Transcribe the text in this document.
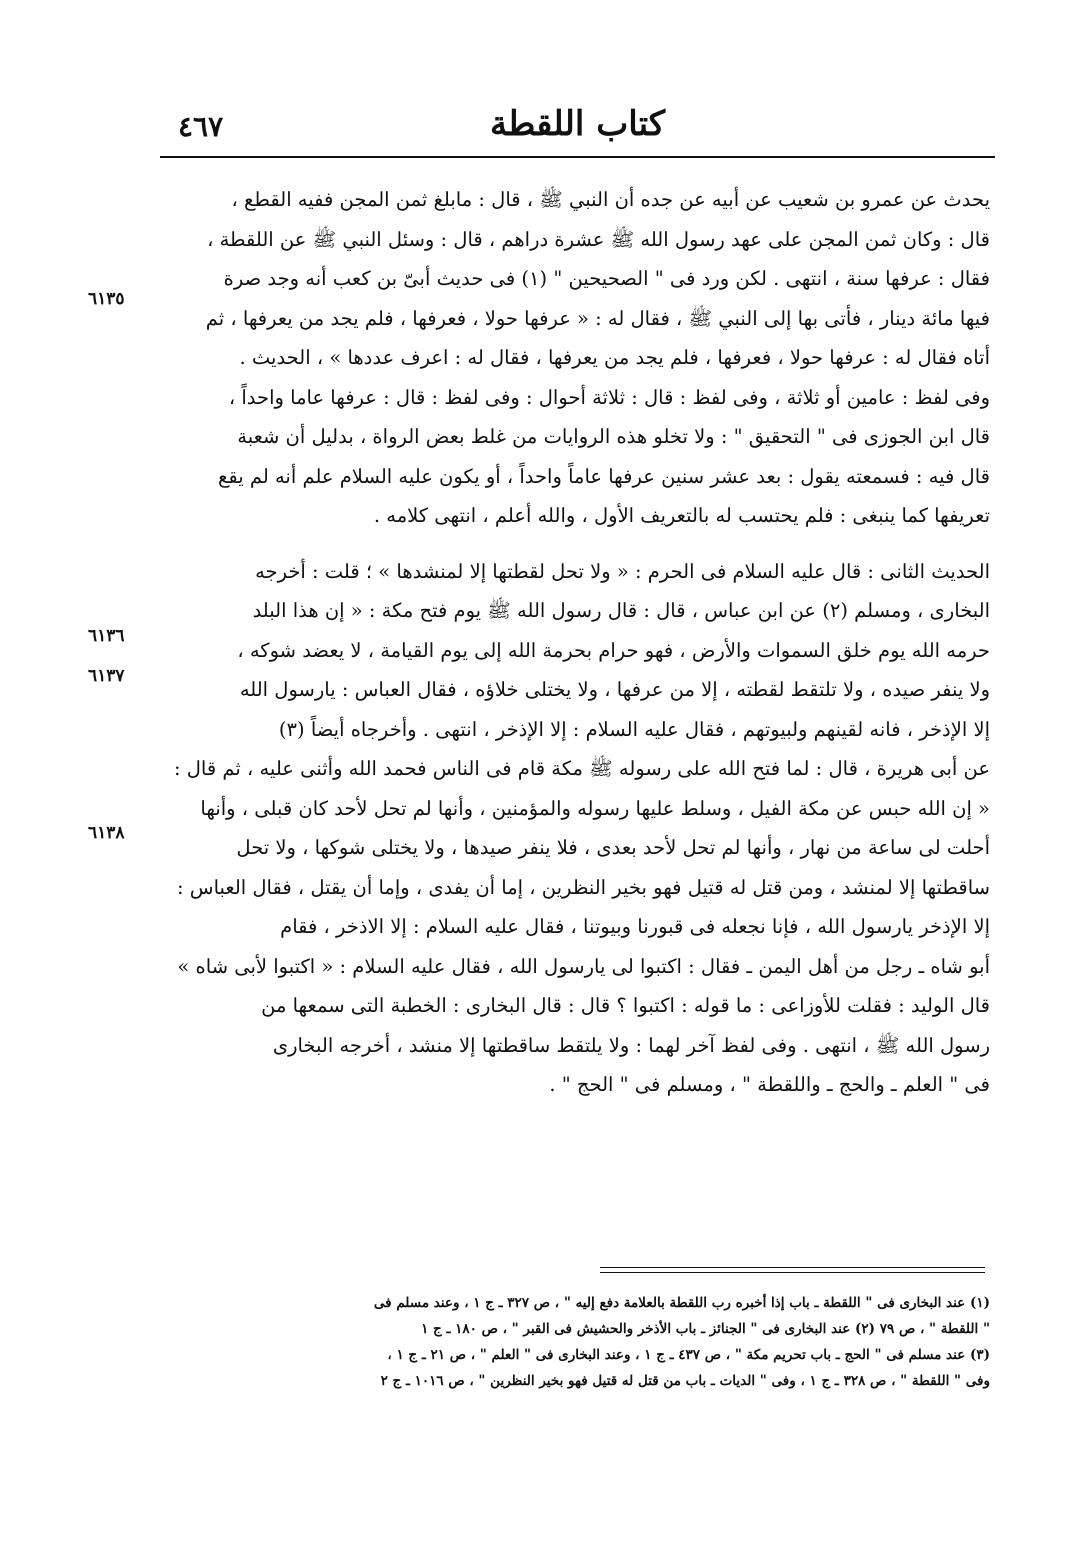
كتاب اللقطة
٤٦٧
يحدث عن عمرو بن شعيب عن أبيه عن جده أن النبي ﷺ ، قال : مابلغ ثمن المجن ففيه القطع ،
قال : وكان ثمن المجن على عهد رسول الله ﷺ عشرة دراهم ، قال : وسئل النبي ﷺ عن اللقطة ،
فقال : عرفها سنة ، انتهى . لكن ورد فى " الصحيحين " (١) فى حديث أبىّ بن كعب أنه وجد صرة
فيها مائة دينار ، فأتى بها إلى النبي ﷺ ، فقال له : « عرفها حولا ، فعرفها ، فلم يجد من يعرفها ، ثم
أتاه فقال له : عرفها حولا ، فعرفها ، فلم يجد من يعرفها ، فقال له : اعرف عددها » ، الحديث .
وفى لفظ : عامين أو ثلاثة ، وفى لفظ : قال : ثلاثة أحوال : وفى لفظ : قال : عرفها عاما واحداً ،
قال ابن الجوزى فى " التحقيق " : ولا تخلو هذه الروايات من غلط بعض الرواة ، بدليل أن شعبة
قال فيه : فسمعته يقول : بعد عشر سنين عرفها عاماً واحداً ، أو يكون عليه السلام علم أنه لم يقع
تعريفها كما ينبغى : فلم يحتسب له بالتعريف الأول ، والله أعلم ، انتهى كلامه .
الحديث الثانى : قال عليه السلام فى الحرم : « ولا تحل لقطتها إلا لمنشدها » ؛ قلت : أخرجه
البخارى ، ومسلم (٢) عن ابن عباس ، قال : قال رسول الله ﷺ يوم فتح مكة : « إن هذا البلد
حرمه الله يوم خلق السموات والأرض ، فهو حرام بحرمة الله إلى يوم القيامة ، لا يعضد شوكه ،
ولا ينفر صيده ، ولا تلتقط لقطته ، إلا من عرفها ، ولا يختلى خلاؤه ، فقال العباس : يارسول الله
إلا الإذخر ، فانه لقينهم ولبيوتهم ، فقال عليه السلام : إلا الإذخر ، انتهى . وأخرجاه أيضاً (٣)
عن أبى هريرة ، قال : لما فتح الله على رسوله ﷺ مكة قام فى الناس فحمد الله وأثنى عليه ، ثم قال :
« إن الله حبس عن مكة الفيل ، وسلط عليها رسوله والمؤمنين ، وأنها لم تحل لأحد كان قبلى ، وأنها
أحلت لى ساعة من نهار ، وأنها لم تحل لأحد بعدى ، فلا ينفر صيدها ، ولا يختلى شوكها ، ولا تحل
ساقطتها إلا لمنشد ، ومن قتل له قتيل فهو بخير النظرين ، إما أن يفدى ، وإما أن يقتل ، فقال العباس :
إلا الإذخر يارسول الله ، فإنا نجعله فى قبورنا وبيوتنا ، فقال عليه السلام : إلا الاذخر ، فقام
أبو شاه ـ رجل من أهل اليمن ـ فقال : اكتبوا لى يارسول الله ، فقال عليه السلام : « اكتبوا لأبى شاه »
قال الوليد : فقلت للأوزاعى : ما قوله : اكتبوا ؟ قال : قال البخارى : الخطبة التى سمعها من
رسول الله ﷺ ، انتهى . وفى لفظ آخر لهما : ولا يلتقط ساقطتها إلا منشد ، أخرجه البخارى
فى " العلم ـ والحج ـ واللقطة " ، ومسلم فى " الحج " .
٦١٣٥
٦١٣٦
٦١٣٧
٦١٣٨
(١) عند البخارى فى " اللقطة ـ باب إذا أخبره رب اللقطة بالعلامة دفع إليه " ، ص ٣٢٧ ـ ج ١ ، وعند مسلم فى
" اللقطة " ، ص ٧٩ (٢) عند البخارى فى " الجنائز ـ باب الأذخر والحشيش فى القبر " ، ص ١٨٠ ـ ج ١
(٣) عند مسلم فى " الحج ـ باب تحريم مكة " ، ص ٤٣٧ ـ ج ١ ، وعند البخارى فى " العلم " ، ص ٢١ ـ ج ١ ،
وفى " اللقطة " ، ص ٣٢٨ ـ ج ١ ، وفى " الديات ـ باب من قتل له قتيل فهو بخير النظرين " ، ص ١٠١٦ ـ ج ٢
